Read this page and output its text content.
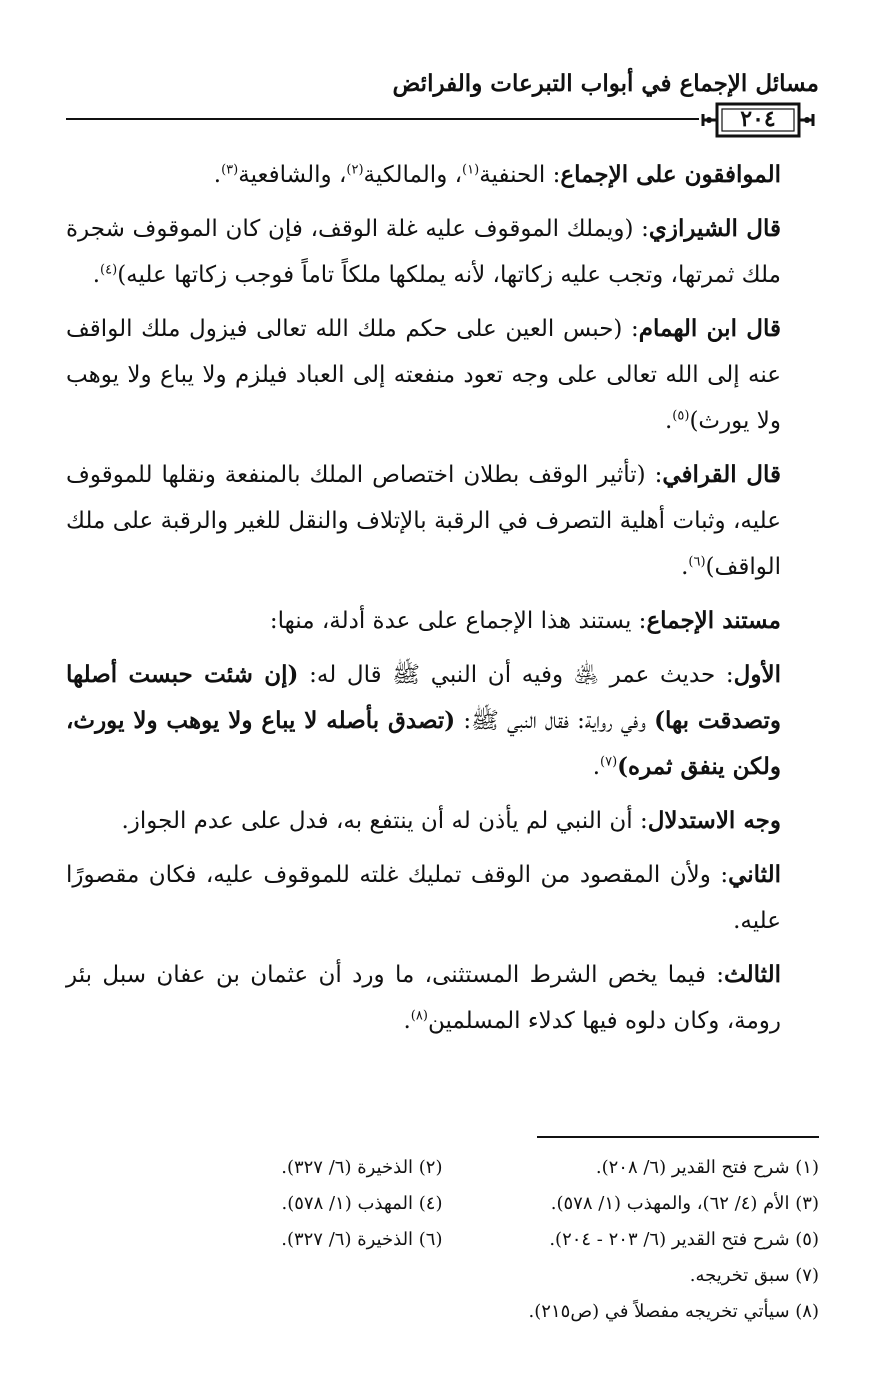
مسائل الإجماع في أبواب التبرعات والفرائض
٢٠٤

الموافقون على الإجماع: الحنفية$^{(١)}$، والمالكية$^{(٢)}$، والشافعية$^{(٣)}$.

قال الشيرازي: (ويملك الموقوف عليه غلة الوقف، فإن كان الموقوف شجرة ملك ثمرتها، وتجب عليه زكاتها، لأنه يملكها ملكاً تاماً فوجب زكاتها عليه)$^{(٤)}$.

قال ابن الهمام: (حبس العين على حكم ملك الله تعالى فيزول ملك الواقف عنه إلى الله تعالى على وجه تعود منفعته إلى العباد فيلزم ولا يباع ولا يوهب ولا يورث)$^{(٥)}$.

قال القرافي: (تأثير الوقف بطلان اختصاص الملك بالمنفعة ونقلها للموقوف عليه، وثبات أهلية التصرف في الرقبة بالإتلاف والنقل للغير والرقبة على ملك الواقف)$^{(٦)}$.

مستند الإجماع: يستند هذا الإجماع على عدة أدلة، منها:

الأول: حديث عمر ﵁ وفيه أن النبي ﷺ قال له: (إن شئت حبست أصلها وتصدقت بها) وفي رواية: فقال النبي ﷺ: (تصدق بأصله لا يباع ولا يوهب ولا يورث، ولكن ينفق ثمره)$^{(٧)}$.

وجه الاستدلال: أن النبي لم يأذن له أن ينتفع به، فدل على عدم الجواز.

الثاني: ولأن المقصود من الوقف تمليك غلته للموقوف عليه، فكان مقصورًا عليه.

الثالث: فيما يخص الشرط المستثنى، ما ورد أن عثمان بن عفان سبل بئر رومة، وكان دلوه فيها كدلاء المسلمين$^{(٨)}$.

(١) شرح فتح القدير (٦/ ٢٠٨).
(٢) الذخيرة (٦/ ٣٢٧).
(٣) الأم (٤/ ٦٢)، والمهذب (١/ ٥٧٨).
(٤) المهذب (١/ ٥٧٨).
(٥) شرح فتح القدير (٦/ ٢٠٣ - ٢٠٤).
(٦) الذخيرة (٦/ ٣٢٧).
(٧) سبق تخريجه.
(٨) سيأتي تخريجه مفصلاً في (ص٢١٥).
